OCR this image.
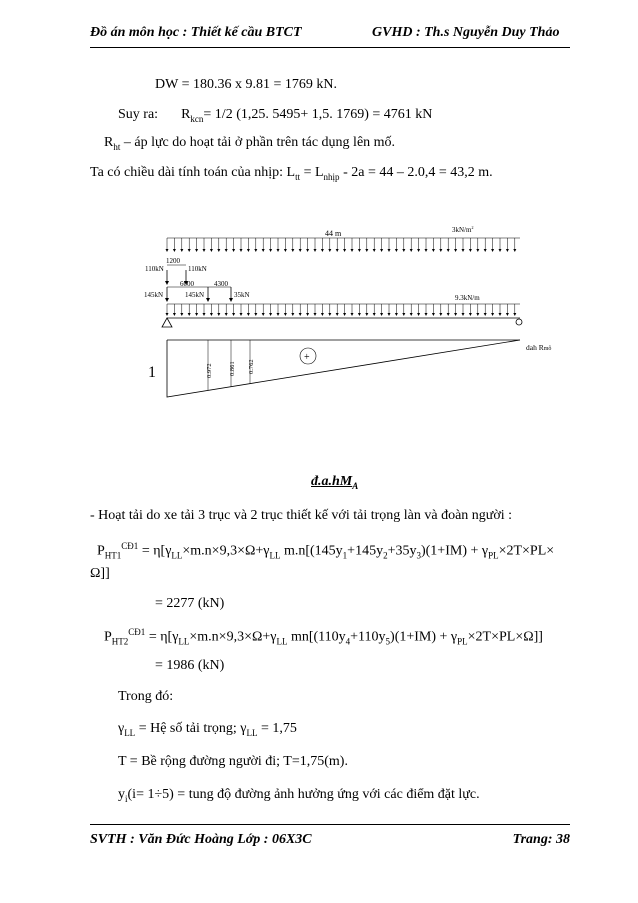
Đồ án môn học : Thiết kế cầu BTCT	GVHD : Th.s Nguyễn Duy Thảo
DW = 180.36 x 9.81 = 1769 kN.
Suy ra: $R_{kcn}= 1/2$ (1,25. 5495+ 1,5. 1769) = 4761 kN
$R_{ht}$ – áp lực do hoạt tải ở phần trên tác dụng lên mố.
Ta có chiều dài tính toán của nhịp: $L_{tt} = L_{nhịp} - 2a = 44 - 2.0,4 = 43,2$ m.
44 m	$3kN/m^2$
1200
110kN	110kN
6000	4300
145kN	145kN	35kN	9.3kN/m
0.972 0.861 0.762
1
+
dah Rmô
$đ.a.hM_A$
- Hoạt tải do xe tải 3 trục và 2 trục thiết kế với tải trọng làn và đoàn người :
$P_{HT1}^{CĐ1} = \eta[\gamma_{LL}\times m.n\times 9,3\times\Omega+\gamma_{LL}$ $m.n[(145y_1+145y_2+35y_3)(1+IM) + \gamma_{PL}\times 2T\times PL\times$
Ω]]
= 2277 (kN)
$P_{HT2}^{CĐ1} = \eta[\gamma_{LL}\times m.n\times 9,3\times\Omega+\gamma_{LL}$ $mn[(110y_4+110y_5)(1+IM) + \gamma_{PL}\times 2T\times PL\times\Omega]$]
= 1986 (kN)
Trong đó:
$\gamma_{LL}$ = Hệ số tải trọng; $\gamma_{LL} = 1,75$
T = Bề rộng đường người đi; T=1,75(m).
$y_i(i= 1\div 5)$ = tung độ đường ảnh hưởng ứng với các điểm đặt lực.
SVTH : Văn Đức Hoàng Lớp : 06X3C	Trang: 38
